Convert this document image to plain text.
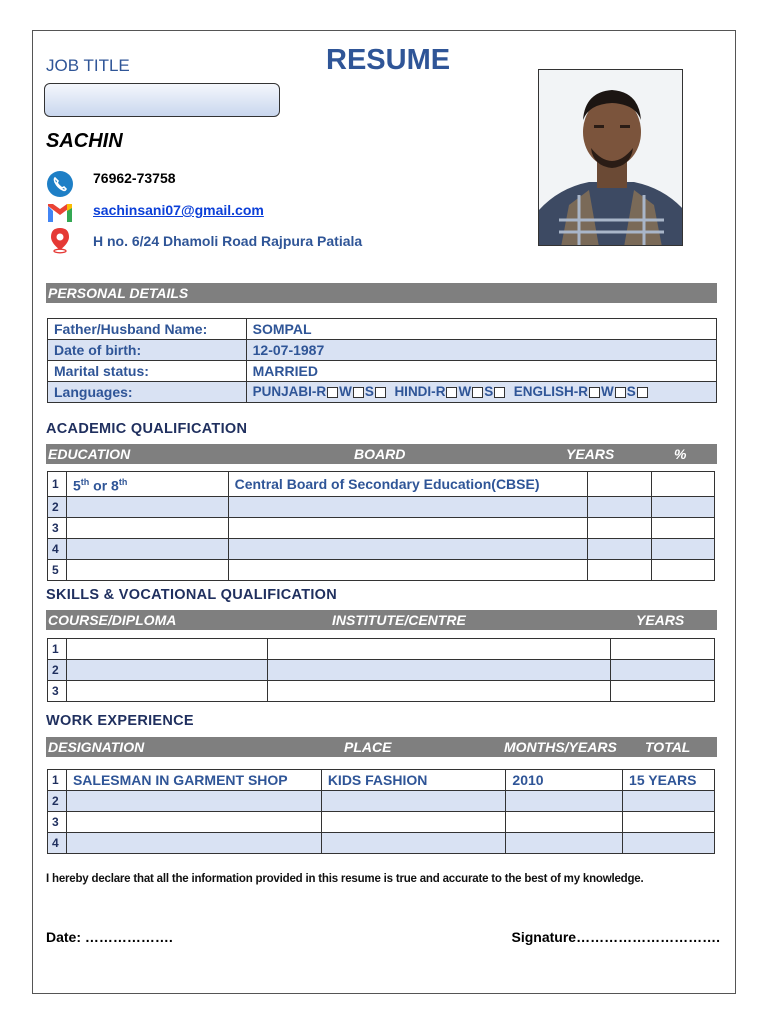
JOB TITLE	RESUME
SACHIN
76962-73758
sachinsani07@gmail.com
H no. 6/24 Dhamoli Road Rajpura Patiala
PERSONAL DETAILS
Father/Husband Name:	SOMPAL
Date of birth:	12-07-1987
Marital status:	MARRIED
Languages:	PUNJABI-R W S HINDI-R W S ENGLISH-R W S
ACADEMIC QUALIFICATION
EDUCATION	BOARD	YEARS	%
1	5th or 8th	Central Board of Secondary Education(CBSE)		
2				
3				
4				
5				
SKILLS & VOCATIONAL QUALIFICATION
COURSE/DIPLOMA	INSTITUTE/CENTRE	YEARS
1			
2			
3			
WORK EXPERIENCE
DESIGNATION	PLACE	MONTHS/YEARS TOTAL
1	SALESMAN IN GARMENT SHOP	KIDS FASHION	2010	15 YEARS
2				
3				
4				
I hereby declare that all the information provided in this resume is true and accurate to the best of my knowledge.
Date: ……………….	Signature………………………….
